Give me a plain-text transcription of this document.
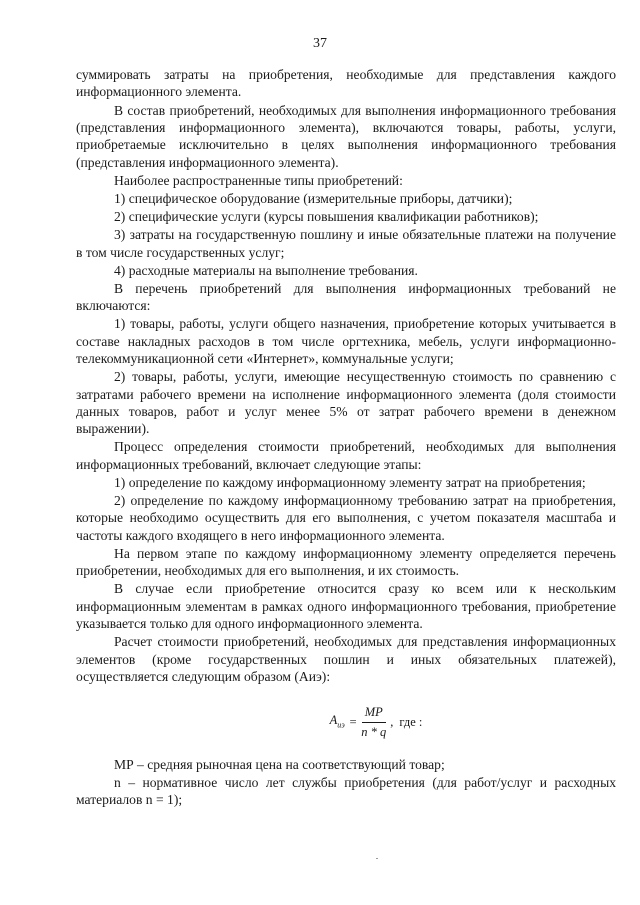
37

суммировать затраты на приобретения, необходимые для представления каждого информационного элемента.

В состав приобретений, необходимых для выполнения информационного требования (представления информационного элемента), включаются товары, работы, услуги, приобретаемые исключительно в целях выполнения информационного требования (представления информационного элемента).

Наиболее распространенные типы приобретений:

1) специфическое оборудование (измерительные приборы, датчики);

2) специфические услуги (курсы повышения квалификации работников);

3) затраты на государственную пошлину и иные обязательные платежи на получение в том числе государственных услуг;

4) расходные материалы на выполнение требования.

В перечень приобретений для выполнения информационных требований не включаются:

1) товары, работы, услуги общего назначения, приобретение которых учитывается в составе накладных расходов в том числе оргтехника, мебель, услуги информационно-телекоммуникационной сети «Интернет», коммунальные услуги;

2) товары, работы, услуги, имеющие несущественную стоимость по сравнению с затратами рабочего времени на исполнение информационного элемента (доля стоимости данных товаров, работ и услуг менее 5% от затрат рабочего времени в денежном выражении).

Процесс определения стоимости приобретений, необходимых для выполнения информационных требований, включает следующие этапы:

1) определение по каждому информационному элементу затрат на приобретения;

2) определение по каждому информационному требованию затрат на приобретения, которые необходимо осуществить для его выполнения, с учетом показателя масштаба и частоты каждого входящего в него информационного элемента.

На первом этапе по каждому информационному элементу определяется перечень приобретении, необходимых для его выполнения, и их стоимость.

В случае если приобретение относится сразу ко всем или к нескольким информационным элементам в рамках одного информационного требования, приобретение указывается только для одного информационного элемента.

Расчет стоимости приобретений, необходимых для представления информационных элементов (кроме государственных пошлин и иных обязательных платежей), осуществляется следующим образом (Аиэ):

$A_{иэ} = \frac{MP}{n * q}$ , где :

МР – средняя рыночная цена на соответствующий товар;

n – нормативное число лет службы приобретения (для работ/услуг и расходных материалов n = 1);
